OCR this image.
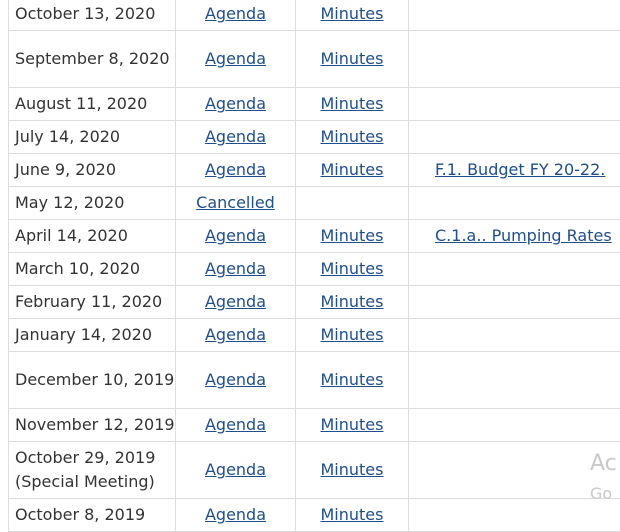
October 13, 2020	Agenda	Minutes	
September 8, 2020	Agenda	Minutes	
August 11, 2020	Agenda	Minutes	
July 14, 2020	Agenda	Minutes	
June 9, 2020	Agenda	Minutes	F.1. Budget FY 20-22.
May 12, 2020	Cancelled		
April 14, 2020	Agenda	Minutes	C.1.a.. Pumping Rates
March 10, 2020	Agenda	Minutes	
February 11, 2020	Agenda	Minutes	
January 14, 2020	Agenda	Minutes	
December 10, 2019	Agenda	Minutes	
November 12, 2019	Agenda	Minutes	
October 29, 2019 (Special Meeting)	Agenda	Minutes	
October 8, 2019	Agenda	Minutes	
Ac
Go
